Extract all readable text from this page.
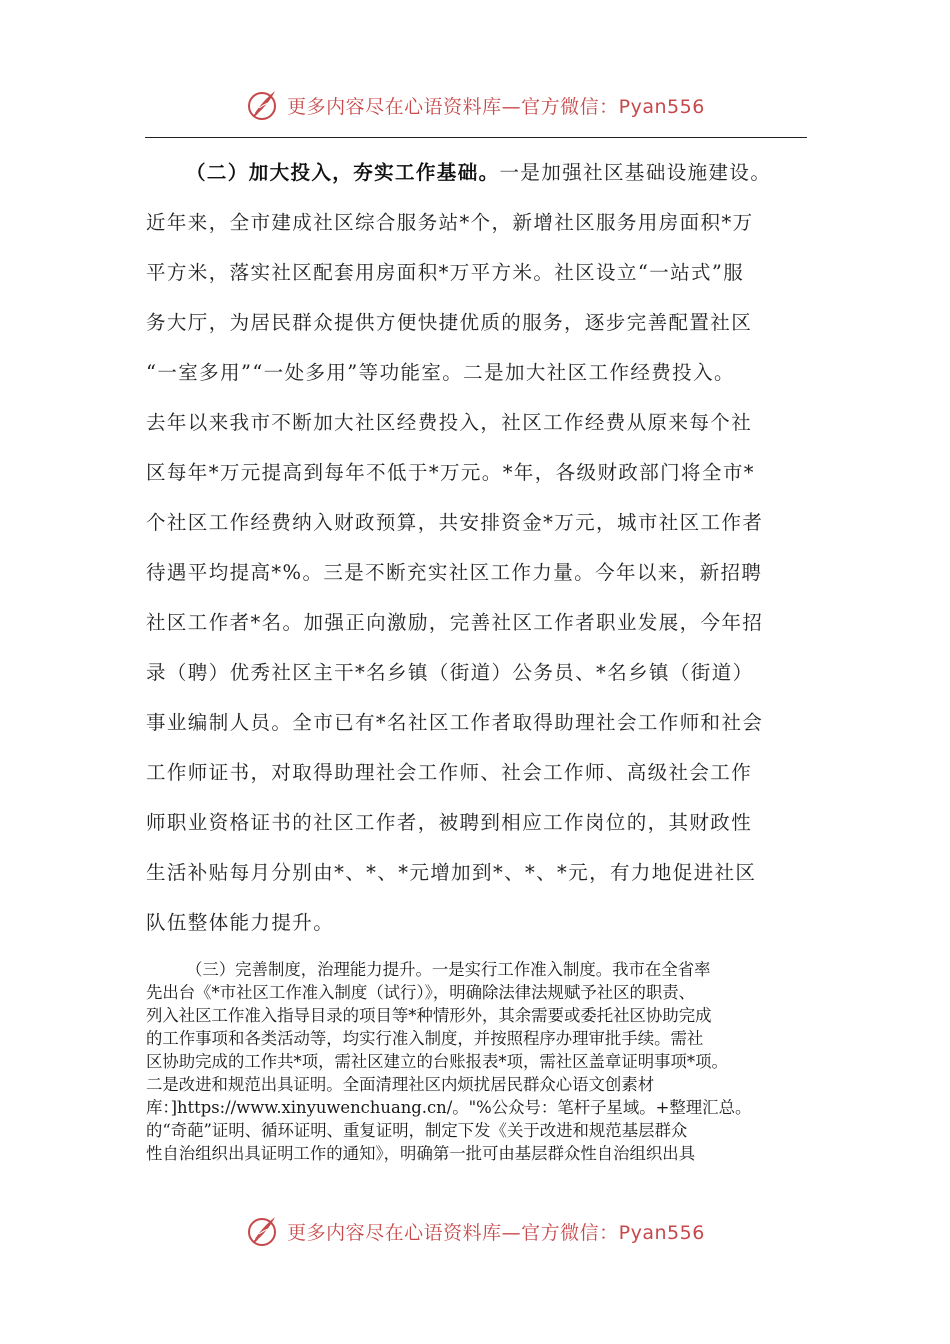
更多内容尽在心语资料库—官方微信：Pyan556
（二）加大投入，夯实工作基础。一是加强社区基础设施建设。
近年来，全市建成社区综合服务站*个，新增社区服务用房面积*万
平方米，落实社区配套用房面积*万平方米。社区设立“一站式”服
务大厅，为居民群众提供方便快捷优质的服务，逐步完善配置社区
“一室多用”“一处多用”等功能室。二是加大社区工作经费投入。
去年以来我市不断加大社区经费投入，社区工作经费从原来每个社
区每年*万元提高到每年不低于*万元。*年，各级财政部门将全市*
个社区工作经费纳入财政预算，共安排资金*万元，城市社区工作者
待遇平均提高*%。三是不断充实社区工作力量。今年以来，新招聘
社区工作者*名。加强正向激励，完善社区工作者职业发展，今年招
录（聘）优秀社区主干*名乡镇（街道）公务员、*名乡镇（街道）
事业编制人员。全市已有*名社区工作者取得助理社会工作师和社会
工作师证书，对取得助理社会工作师、社会工作师、高级社会工作
师职业资格证书的社区工作者，被聘到相应工作岗位的，其财政性
生活补贴每月分别由*、*、*元增加到*、*、*元，有力地促进社区
队伍整体能力提升。
（三）完善制度，治理能力提升。一是实行工作准入制度。我市在全省率
先出台《*市社区工作准入制度（试行）》，明确除法律法规赋予社区的职责、
列入社区工作准入指导目录的项目等*种情形外，其余需要或委托社区协助完成
的工作事项和各类活动等，均实行准入制度，并按照程序办理审批手续。需社
区协助完成的工作共*项，需社区建立的台账报表*项，需社区盖章证明事项*项。
二是改进和规范出具证明。全面清理社区内烦扰居民群众心语文创素材
库：]https://www.xinyuwenchuang.cn/。"%公众号：笔杆子星域。+整理汇总。
的“奇葩”证明、循环证明、重复证明，制定下发《关于改进和规范基层群众
性自治组织出具证明工作的通知》，明确第一批可由基层群众性自治组织出具
更多内容尽在心语资料库—官方微信：Pyan556
